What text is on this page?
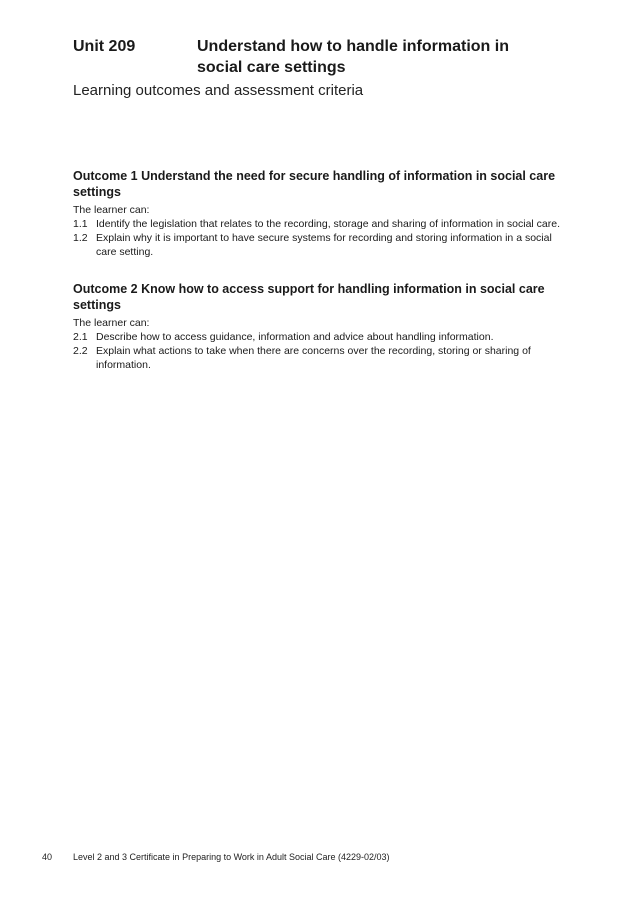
Unit 209	Understand how to handle information in social care settings
Learning outcomes and assessment criteria
Outcome 1 Understand the need for secure handling of information in social care settings
The learner can:
1.1 Identify the legislation that relates to the recording, storage and sharing of information in social care.
1.2 Explain why it is important to have secure systems for recording and storing information in a social care setting.
Outcome 2 Know how to access support for handling information in social care settings
The learner can:
2.1 Describe how to access guidance, information and advice about handling information.
2.2 Explain what actions to take when there are concerns over the recording, storing or sharing of information.
40	Level 2 and 3 Certificate in Preparing to Work in Adult Social Care (4229-02/03)
